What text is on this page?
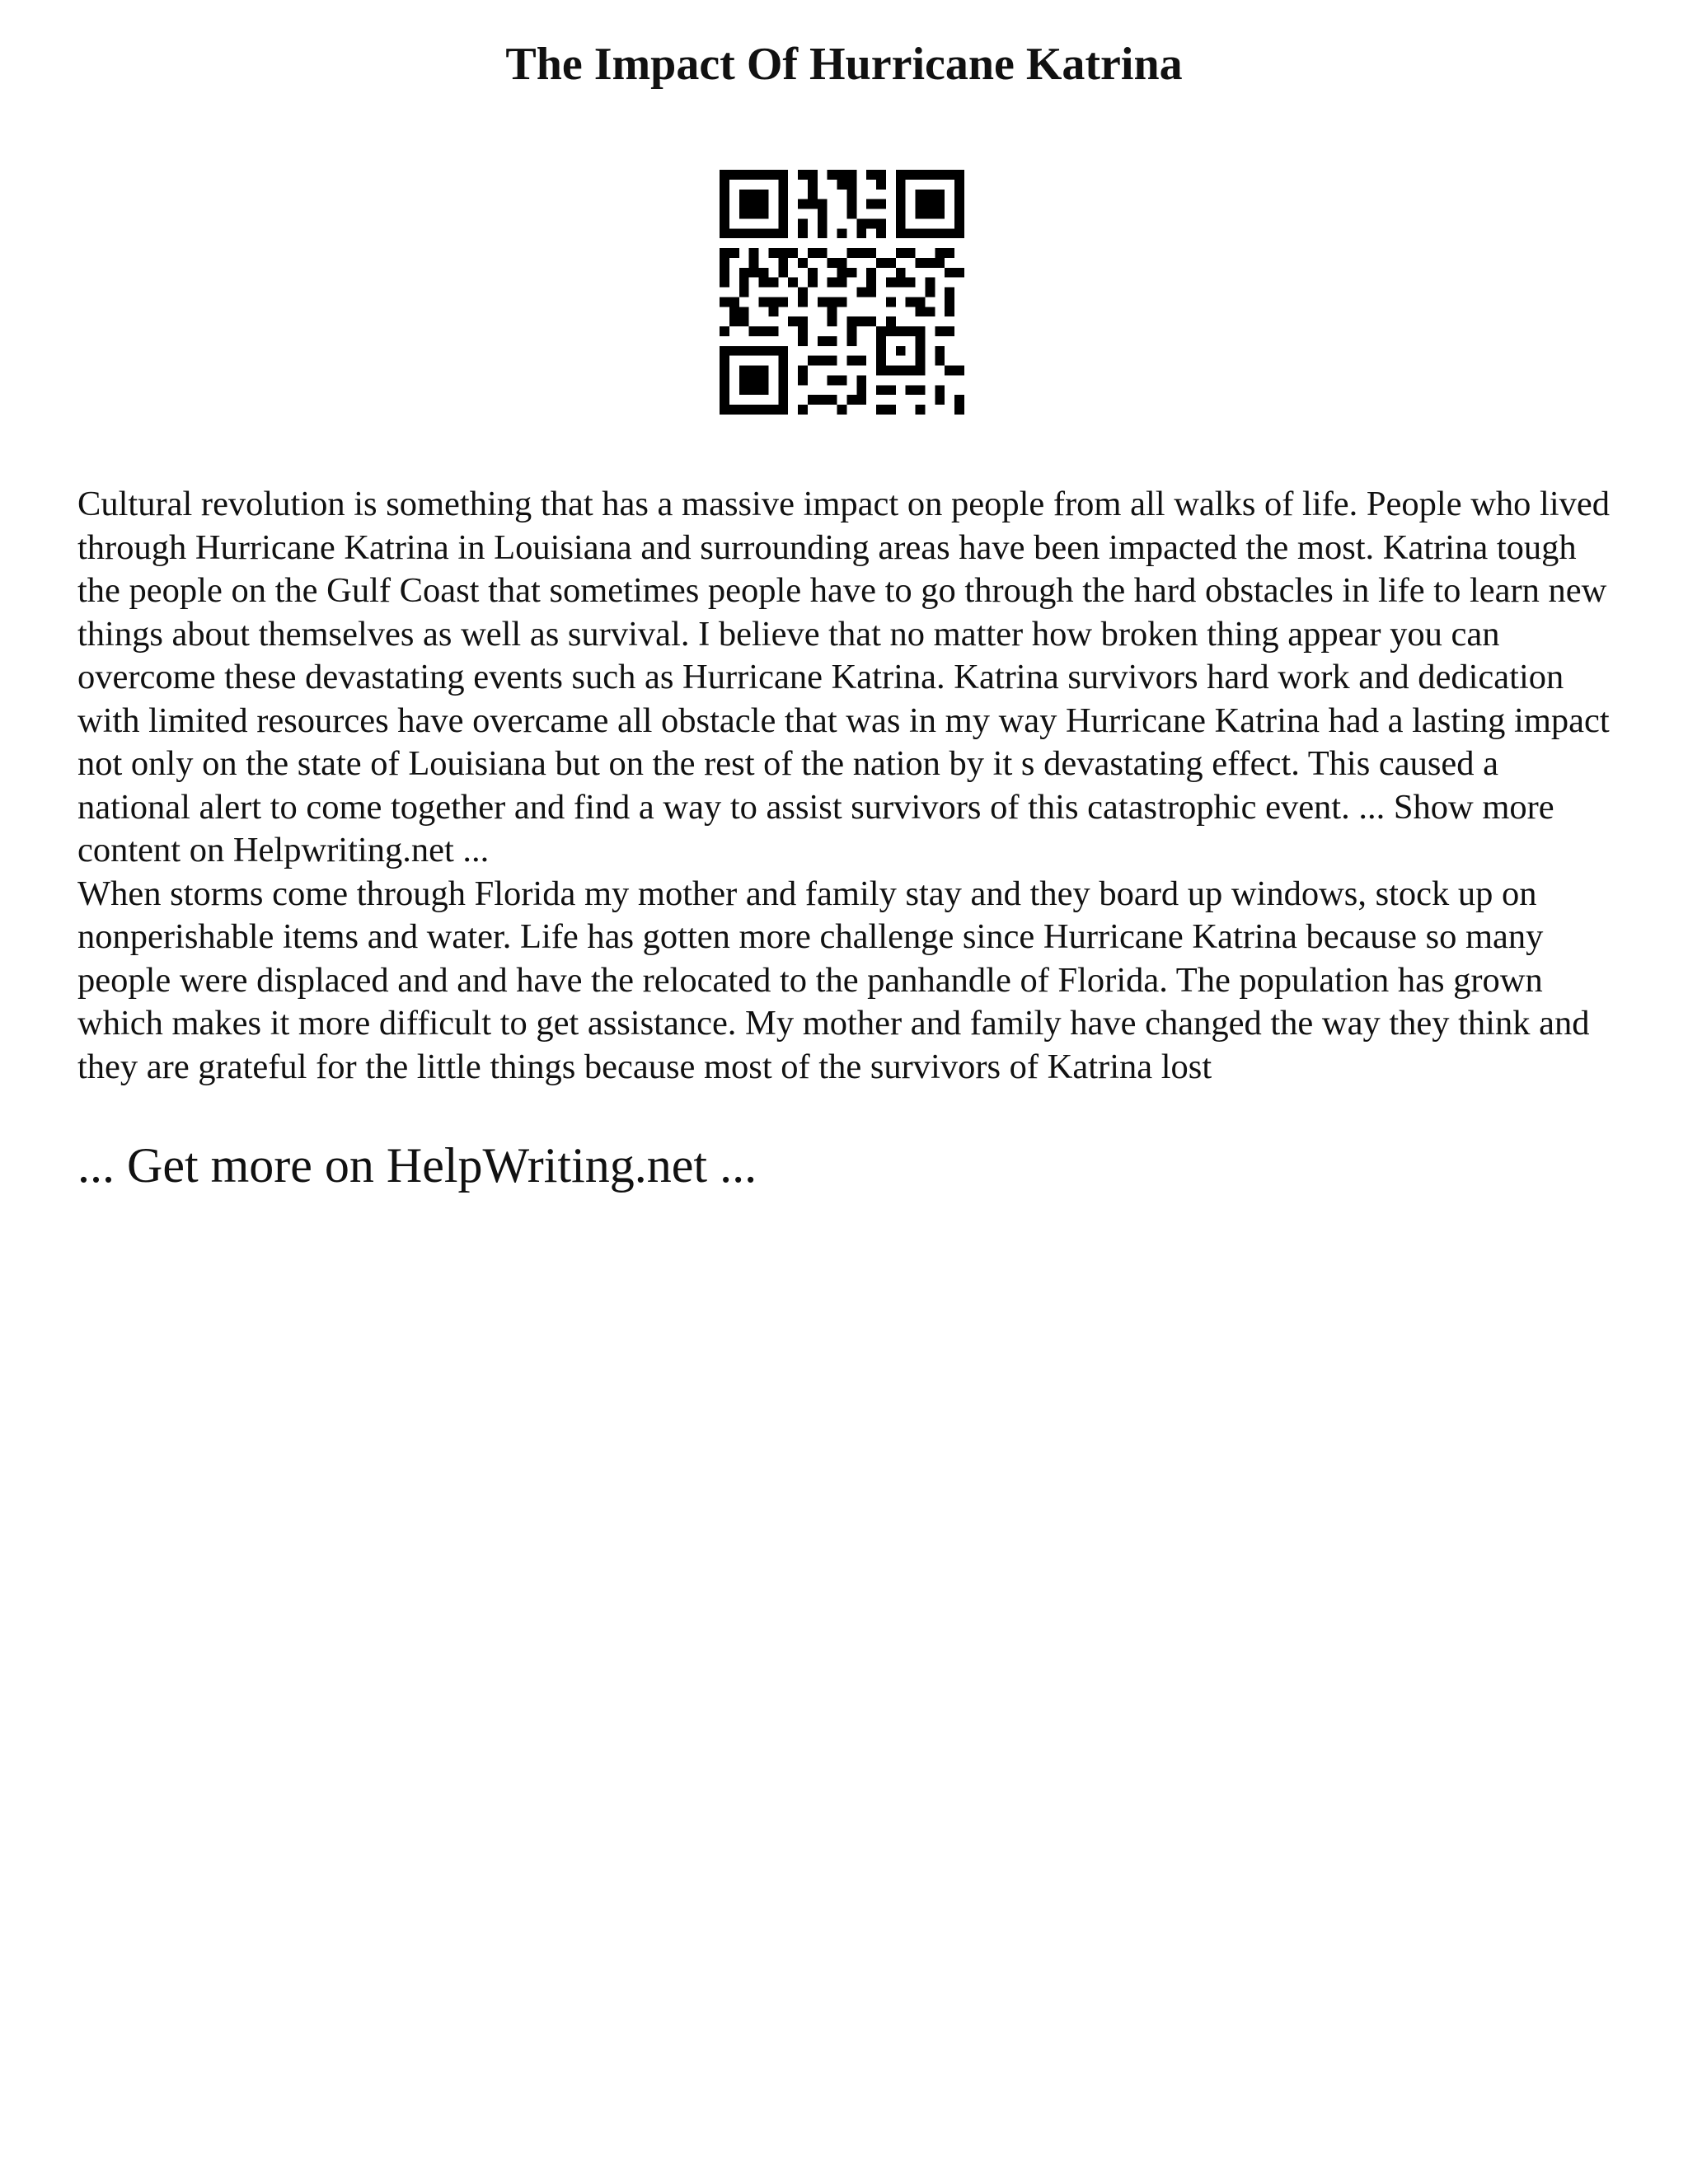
The Impact Of Hurricane Katrina

Cultural revolution is something that has a massive impact on people from all walks of life. People who lived through Hurricane Katrina in Louisiana and surrounding areas have been impacted the most. Katrina tough the people on the Gulf Coast that sometimes people have to go through the hard obstacles in life to learn new things about themselves as well as survival. I believe that no matter how broken thing appear you can overcome these devastating events such as Hurricane Katrina. Katrina survivors hard work and dedication with limited resources have overcame all obstacle that was in my way Hurricane Katrina had a lasting impact not only on the state of Louisiana but on the rest of the nation by it s devastating effect. This caused a national alert to come together and find a way to assist survivors of this catastrophic event. ... Show more content on Helpwriting.net ...

When storms come through Florida my mother and family stay and they board up windows, stock up on nonperishable items and water. Life has gotten more challenge since Hurricane Katrina because so many people were displaced and and have the relocated to the panhandle of Florida. The population has grown which makes it more difficult to get assistance. My mother and family have changed the way they think and they are grateful for the little things because most of the survivors of Katrina lost

... Get more on HelpWriting.net ...
